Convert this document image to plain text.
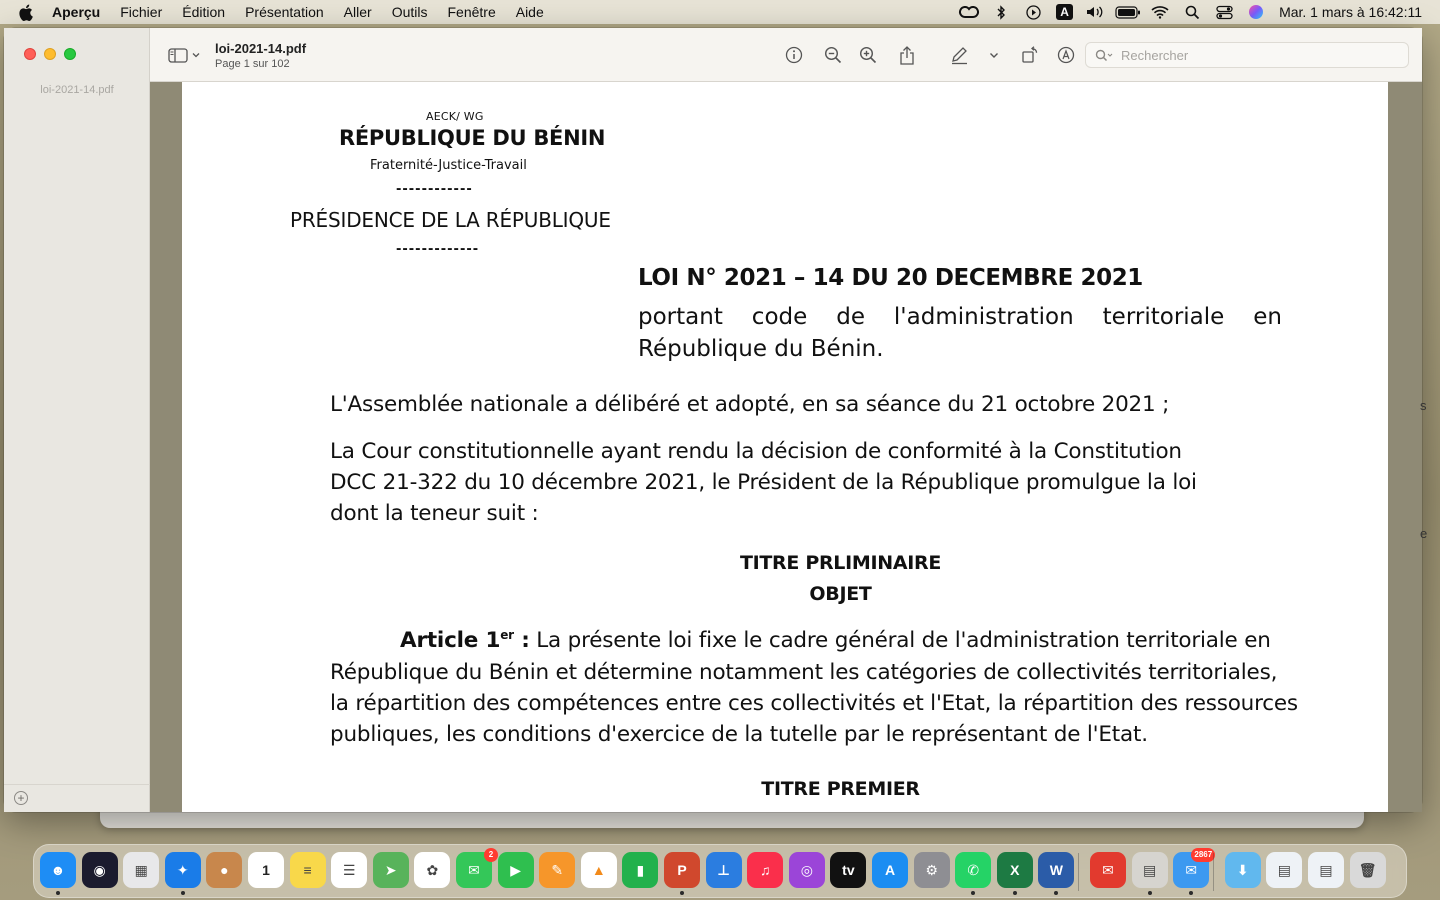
Aperçu	Fichier	Édition	Présentation	Aller	Outils	Fenêtre	Aide	A	Mar. 1 mars à 16:42:11
loi-2021-14.pdf
+
loi-2021-14.pdf
Page 1 sur 102
Rechercher
AECK/ WG
RÉPUBLIQUE DU BÉNIN
Fraternité-Justice-Travail
------------
PRÉSIDENCE DE LA RÉPUBLIQUE
-------------
LOI N° 2021 – 14 DU 20 DECEMBRE 2021
portant code de l'administration territoriale en
République du Bénin.
L'Assemblée nationale a délibéré et adopté, en sa séance du 21 octobre 2021 ;
La Cour constitutionnelle ayant rendu la décision de conformité à la Constitution
DCC 21-322 du 10 décembre 2021, le Président de la République promulgue la loi
dont la teneur suit :
TITRE PRLIMINAIRE
OBJET
Article 1er : La présente loi fixe le cadre général de l'administration territoriale en
République du Bénin et détermine notamment les catégories de collectivités territoriales,
la répartition des compétences entre ces collectivités et l'Etat, la répartition des ressources
publiques, les conditions d'exercice de la tutelle par le représentant de l'Etat.
TITRE PREMIER
s
e
☻	◉	▦	✦	●	1	≡	☰	➤	✿	✉
2
▶	✎	▲	▮	P	⊥	♫	◎	tv	A	⚙	✆	X	W	✉	▤	✉
2867
⬇	▤	▤	🗑
